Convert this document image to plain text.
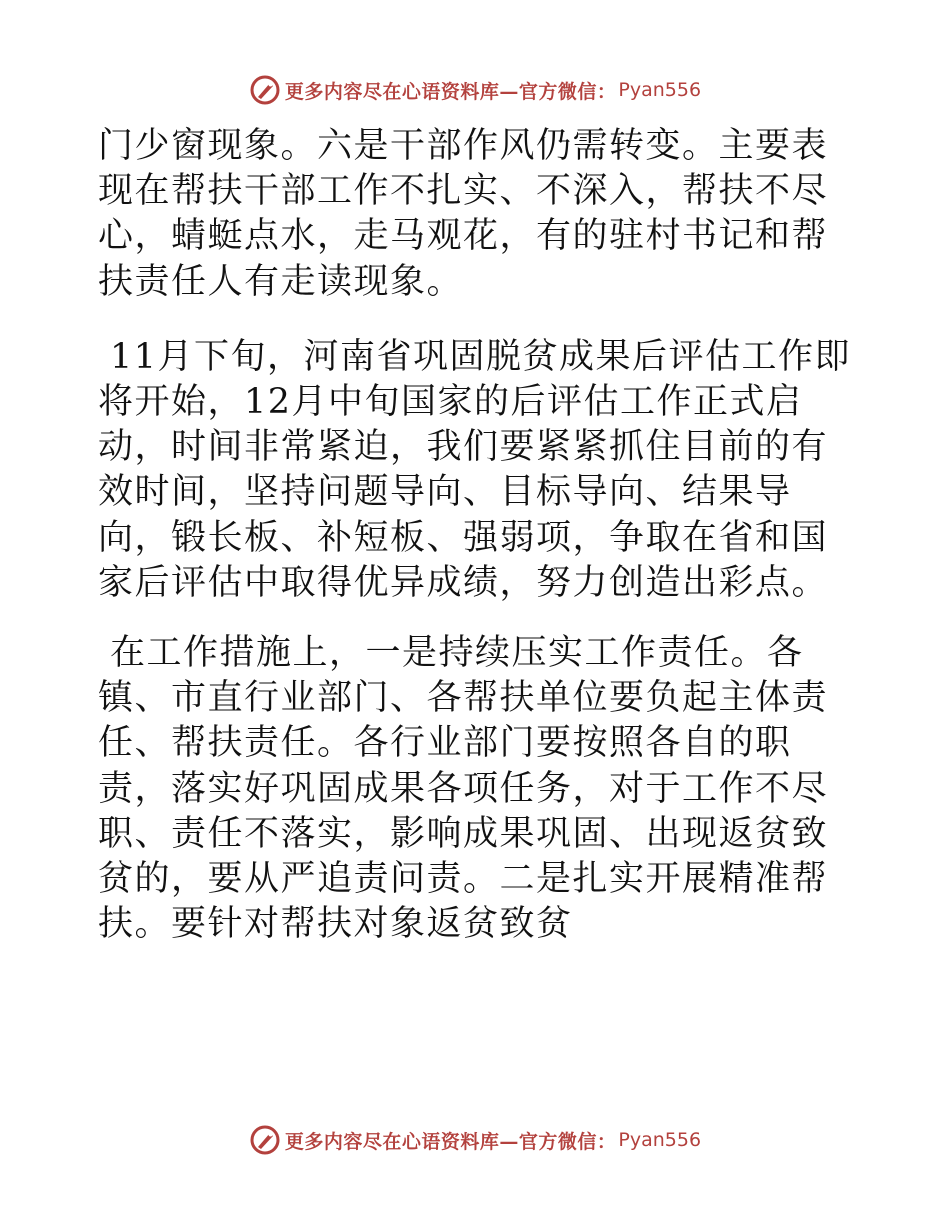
更多内容尽在心语资料库—官方微信： Pyan556

门少窗现象。六是干部作风仍需转变。主要表现在帮扶干部工作不扎实、不深入，帮扶不尽心，蜻蜓点水，走马观花，有的驻村书记和帮扶责任人有走读现象。

11月下旬，河南省巩固脱贫成果后评估工作即将开始，12月中旬国家的后评估工作正式启动，时间非常紧迫，我们要紧紧抓住目前的有效时间，坚持问题导向、目标导向、结果导向，锻长板、补短板、强弱项，争取在省和国家后评估中取得优异成绩，努力创造出彩点。

在工作措施上，一是持续压实工作责任。各镇、市直行业部门、各帮扶单位要负起主体责任、帮扶责任。各行业部门要按照各自的职责，落实好巩固成果各项任务，对于工作不尽职、责任不落实，影响成果巩固、出现返贫致贫的，要从严追责问责。二是扎实开展精准帮扶。要针对帮扶对象返贫致贫

更多内容尽在心语资料库—官方微信： Pyan556
